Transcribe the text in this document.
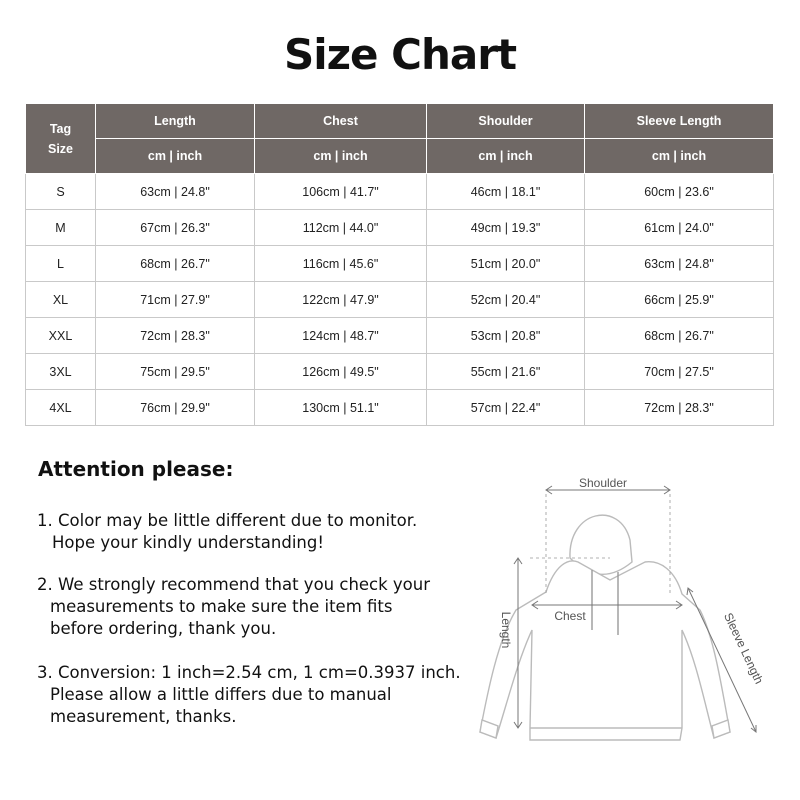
Size Chart
Tag
Size	Length	Chest	Shoulder	Sleeve Length
	cm | inch	cm | inch	cm | inch	cm | inch
S	63cm | 24.8"	106cm | 41.7"	46cm | 18.1"	60cm | 23.6"
M	67cm | 26.3"	112cm | 44.0"	49cm | 19.3"	61cm | 24.0"
L	68cm | 26.7"	116cm | 45.6"	51cm | 20.0"	63cm | 24.8"
XL	71cm | 27.9"	122cm | 47.9"	52cm | 20.4"	66cm | 25.9"
XXL	72cm | 28.3"	124cm | 48.7"	53cm | 20.8"	68cm | 26.7"
3XL	75cm | 29.5"	126cm | 49.5"	55cm | 21.6"	70cm | 27.5"
4XL	76cm | 29.9"	130cm | 51.1"	57cm | 22.4"	72cm | 28.3"
Attention please:
1. Color may be little different due to monitor.
Hope your kindly understanding!
2. We strongly recommend that you check your
measurements to make sure the item fits
before ordering, thank you.
3. Conversion: 1 inch=2.54 cm, 1 cm=0.3937 inch.
Please allow a little differs due to manual
measurement, thanks.
Shoulder
Length	Chest	Sleeve Length
